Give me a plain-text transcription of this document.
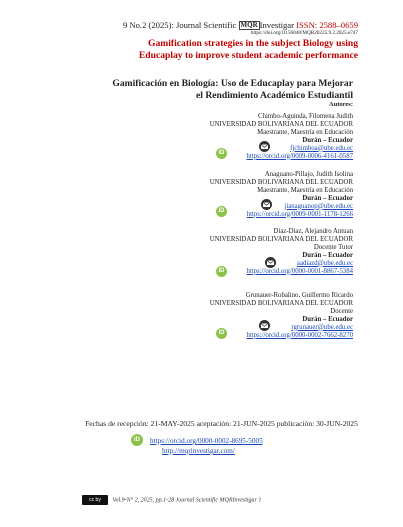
9 No.2 (2025): Journal Scientific MQR Investigar ISSN: 2588–0659
https://doi.org/10.56048/MQR20225.9.2.2025.e747
Gamification strategies in the subject Biology using Educaplay to improve student academic performance
Gamificación en Biología: Uso de Educaplay para Mejorar el Rendimiento Académico Estudiantil
Autores:
Chimbo-Aguinda, Filomena Judith
UNIVERSIDAD BOLIVARIANA DEL ECUADOR
Maestrante, Maestría en Educación
Durán – Ecuador
fjchimboa@ube.edu.ec
https://orcid.org/0009-0006-4161-0587
iD
Anaguano-Pillajo, Judith Isolina
UNIVERSIDAD BOLIVARIANA DEL ECUADOR
Maestrante, Maestría en Educación
Durán – Ecuador
jianaguanop@ube.edu.ec
https://orcid.org/0009-0001-1178-1266
iD
Diaz-Diaz, Alejandro Antuan
UNIVERSIDAD BOLIVARIANA DEL ECUADOR
Docente Tutor
Durán – Ecuador
aadiazd@ube.edu.ec
https://orcid.org/0000-0001-8867-5384
iD
Grunauer-Robalino, Guillermo Ricardo
UNIVERSIDAD BOLIVARIANA DEL ECUADOR
Docente
Durán – Ecuador
rgrunauer@ube.edu.ec
https://orcid.org/0000-0002-7662-8270
iD
Fechas de recepción: 21-MAY-2025 aceptación: 21-JUN-2025 publicación: 30-JUN-2025
iD	https://orcid.org/0000-0002-8695-5005
http://mqrinvestigar.com/
cc by Vol.9-N° 2, 2025, pp.1-28 Journal Scientific MQRInvestigar 1
